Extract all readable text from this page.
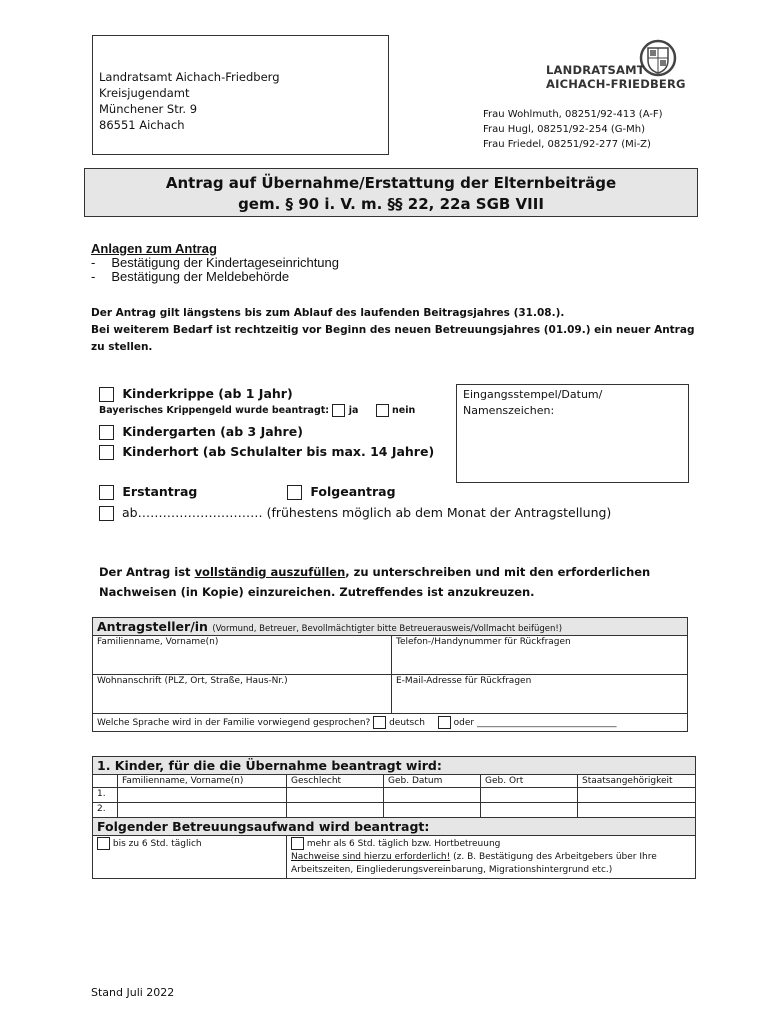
Landratsamt Aichach-Friedberg
Kreisjugendamt
Münchener Str. 9
86551 Aichach
LANDRATSAMT
AICHACH-FRIEDBERG
Frau Wohlmuth, 08251/92-413 (A-F)
Frau Hugl, 08251/92-254 (G-Mh)
Frau Friedel, 08251/92-277 (Mi-Z)
Antrag auf Übernahme/Erstattung der Elternbeiträge
gem. § 90 i. V. m. §§ 22, 22a SGB VIII
Anlagen zum Antrag
- Bestätigung der Kindertageseinrichtung
- Bestätigung der Meldebehörde
Der Antrag gilt längstens bis zum Ablauf des laufenden Beitragsjahres (31.08.).
Bei weiterem Bedarf ist rechtzeitig vor Beginn des neuen Betreuungsjahres (01.09.) ein neuer Antrag zu stellen.
Kinderkrippe (ab 1 Jahr)
Bayerisches Krippengeld wurde beantragt: ja	nein
Kindergarten (ab 3 Jahre)
Kinderhort (ab Schulalter bis max. 14 Jahre)
Eingangsstempel/Datum/
Namenszeichen:
Erstantrag	Folgeantrag
ab………………………… (frühestens möglich ab dem Monat der Antragstellung)
Der Antrag ist vollständig auszufüllen, zu unterschreiben und mit den erforderlichen
Nachweisen (in Kopie) einzureichen. Zutreffendes ist anzukreuzen.
Antragsteller/in (Vormund, Betreuer, Bevollmächtigter bitte Betreuerausweis/Vollmacht beifügen!)	
Familienname, Vorname(n)	Telefon-/Handynummer für Rückfragen
Wohnanschrift (PLZ, Ort, Straße, Haus-Nr.)	E-Mail-Adresse für Rückfragen
Welche Sprache wird in der Familie vorwiegend gesprochen? deutsch oder _______________________________	
1. Kinder, für die die Übernahme beantragt wird:					
	Familienname, Vorname(n)	Geschlecht	Geb. Datum	Geb. Ort	Staatsangehörigkeit
1.					
2.					
Folgender Betreuungsaufwand wird beantragt:					
bis zu 6 Std. täglich		mehr als 6 Std. täglich bzw. Hortbetreuung
Nachweise sind hierzu erforderlich! (z. B. Bestätigung des Arbeitgebers über Ihre
Arbeitszeiten, Eingliederungsvereinbarung, Migrationshintergrund etc.)			
Stand Juli 2022
